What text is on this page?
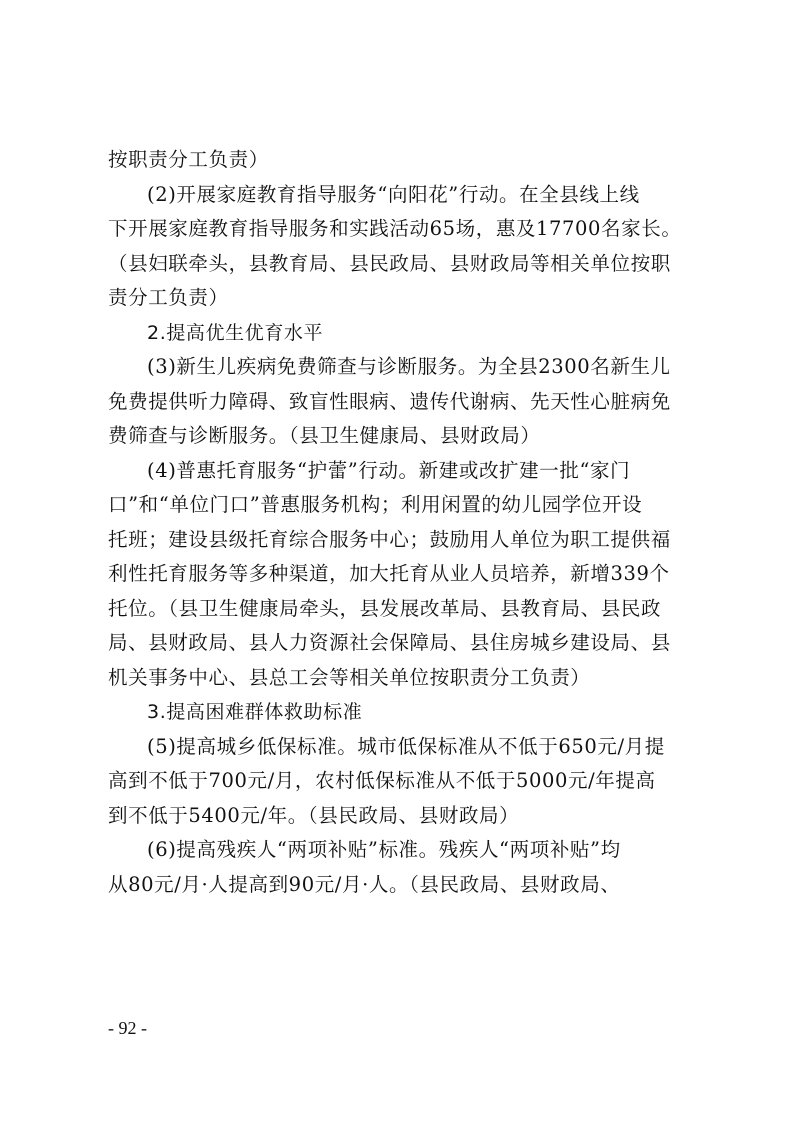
按职责分工负责）
(2)开展家庭教育指导服务“向阳花”行动。在全县线上线
下开展家庭教育指导服务和实践活动65场，惠及17700名家长。
（县妇联牵头，县教育局、县民政局、县财政局等相关单位按职
责分工负责）
2.提高优生优育水平
(3)新生儿疾病免费筛查与诊断服务。为全县2300名新生儿
免费提供听力障碍、致盲性眼病、遗传代谢病、先天性心脏病免
费筛查与诊断服务。（县卫生健康局、县财政局）
(4)普惠托育服务“护蕾”行动。新建或改扩建一批“家门
口”和“单位门口”普惠服务机构；利用闲置的幼儿园学位开设
托班；建设县级托育综合服务中心；鼓励用人单位为职工提供福
利性托育服务等多种渠道，加大托育从业人员培养，新增339个
托位。（县卫生健康局牵头，县发展改革局、县教育局、县民政
局、县财政局、县人力资源社会保障局、县住房城乡建设局、县
机关事务中心、县总工会等相关单位按职责分工负责）
3.提高困难群体救助标准
(5)提高城乡低保标准。城市低保标准从不低于650元/月提
高到不低于700元/月，农村低保标准从不低于5000元/年提高
到不低于5400元/年。（县民政局、县财政局）
(6)提高残疾人“两项补贴”标准。残疾人“两项补贴”均
从80元/月·人提高到90元/月·人。（县民政局、县财政局、
- 92 -
